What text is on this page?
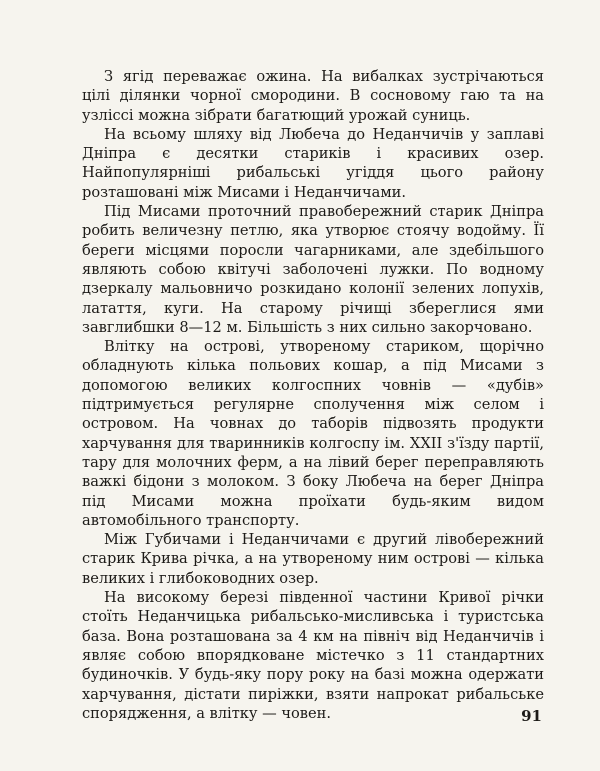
З ягід переважає ожина. На вибалках зустрічаються цілі ділянки чорної смородини. В сосновому гаю та на узліссі можна зібрати багатющий урожай суниць.

На всьому шляху від Любеча до Неданчичів у заплаві Дніпра є десятки стариків і красивих озер. Найпопулярніші рибальські угіддя цього району розташовані між Мисами і Неданчичами.

Під Мисами проточний правобережний старик Дніпра робить величезну петлю, яка утворює стоячу водойму. Її береги місцями поросли чагарниками, але здебільшого являють собою квітучі заболочені лужки. По водному дзеркалу мальовничо розкидано колонії зелених лопухів, латаття, куги. На старому річищі збереглися ями завглибшки 8—12 м. Більшість з них сильно закорчовано.

Влітку на острові, утвореному стариком, щорічно обладнують кілька польових кошар, а під Мисами з допомогою великих колгоспних човнів — «дубів» підтримується регулярне сполучення між селом і островом. На човнах до таборів підвозять продукти харчування для тваринників колгоспу ім. XXII з'їзду партії, тару для молочних ферм, а на лівий берег переправляють важкі бідони з молоком. З боку Любеча на берег Дніпра під Мисами можна проїхати будь-яким видом автомобільного транспорту.

Між Губичами і Неданчичами є другий лівобережний старик Крива річка, а на утвореному ним острові — кілька великих і глибоководних озер.

На високому березі південної частини Кривої річки стоїть Неданчицька рибальсько-мисливська і туристська база. Вона розташована за 4 км на північ від Неданчичів і являє собою впорядковане містечко з 11 стандартних будиночків. У будь-яку пору року на базі можна одержати харчування, дістати пиріжки, взяти напрокат рибальське спорядження, а влітку — човен.	91
